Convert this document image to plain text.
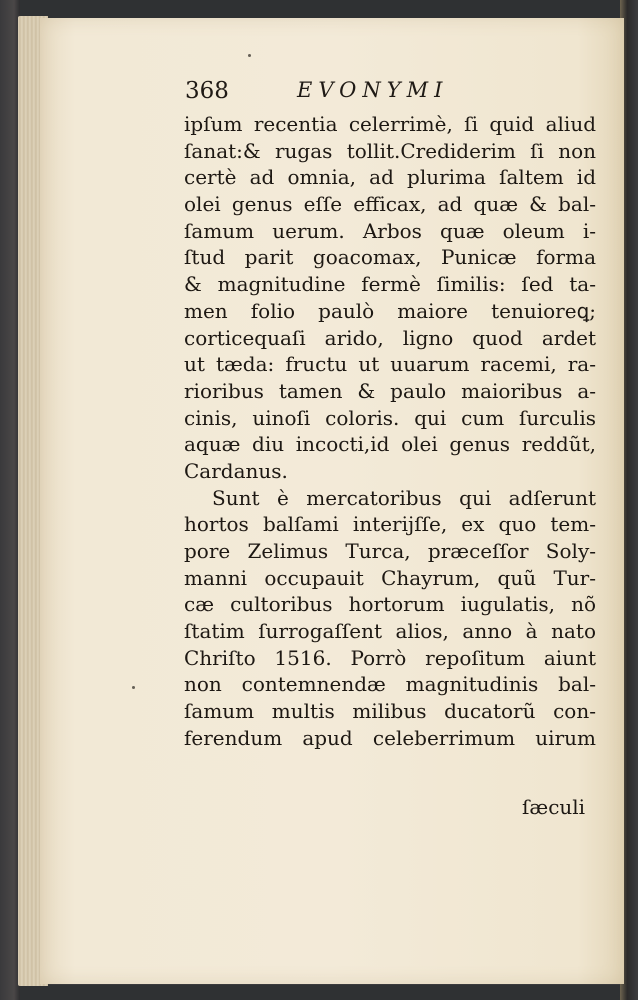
368	EVONYMI
ipſum recentia celerrimè, ſi quid aliud
ſanat:& rugas tollit.Crediderim ſi non
certè ad omnia, ad plurima ſaltem id
olei genus eſſe efficax, ad quæ & bal-
ſamum uerum. Arbos quæ oleum i-
ſtud parit goacomax, Punicæ forma
& magnitudine fermè ſimilis: ſed ta-
men folio paulò maiore tenuioreꝗ;
corticequaſi arido, ligno quod ardet
ut tæda: fructu ut uuarum racemi, ra-
rioribus tamen & paulo maioribus a-
cinis, uinoſi coloris. qui cum ſurculis
aquæ diu incocti,id olei genus reddũt,
Cardanus.
Sunt è mercatoribus qui adſerunt
hortos balſami interijſſe, ex quo tem-
pore Zelimus Turca, præceſſor Soly-
manni occupauit Chayrum, quũ Tur-
cæ cultoribus hortorum iugulatis, nõ
ſtatim ſurrogaſſent alios, anno à nato
Chriſto 1516. Porrò repoſitum aiunt
non contemnendæ magnitudinis bal-
ſamum multis milibus ducatorũ con-
ferendum apud celeberrimum uirum
ſæculi
